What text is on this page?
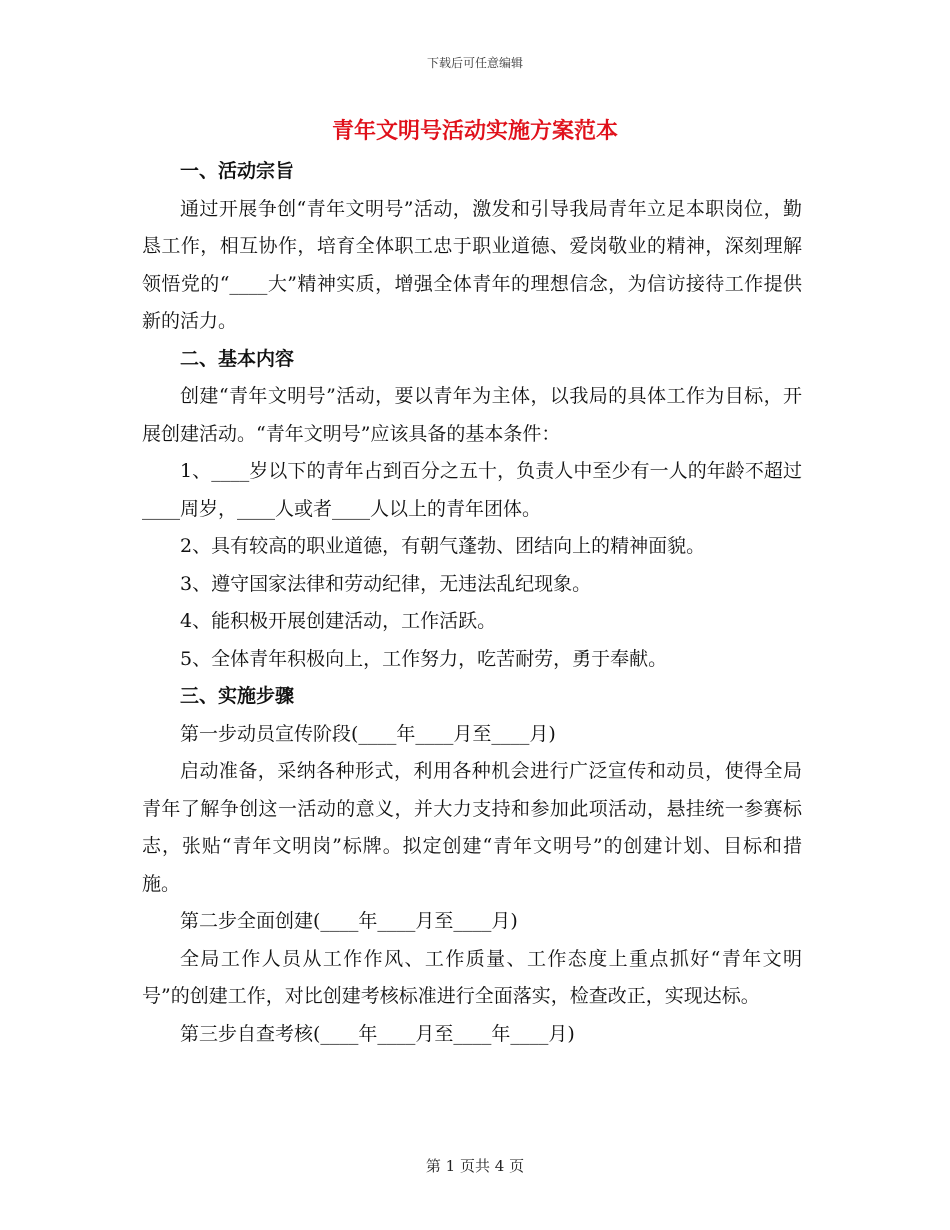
下载后可任意编辑
青年文明号活动实施方案范本
一、活动宗旨

通过开展争创“青年文明号”活动，激发和引导我局青年立足本职岗位，勤恳工作，相互协作，培育全体职工忠于职业道德、爱岗敬业的精神，深刻理解领悟党的“____大”精神实质，增强全体青年的理想信念，为信访接待工作提供新的活力。

二、基本内容

创建“青年文明号”活动，要以青年为主体，以我局的具体工作为目标，开展创建活动。“青年文明号”应该具备的基本条件：

1、____岁以下的青年占到百分之五十，负责人中至少有一人的年龄不超过____周岁，____人或者____人以上的青年团体。

2、具有较高的职业道德，有朝气蓬勃、团结向上的精神面貌。

3、遵守国家法律和劳动纪律，无违法乱纪现象。

4、能积极开展创建活动，工作活跃。

5、全体青年积极向上，工作努力，吃苦耐劳，勇于奉献。

三、实施步骤

第一步动员宣传阶段(____年____月至____月)

启动准备，采纳各种形式，利用各种机会进行广泛宣传和动员，使得全局青年了解争创这一活动的意义，并大力支持和参加此项活动，悬挂统一参赛标志，张贴“青年文明岗”标牌。拟定创建“青年文明号”的创建计划、目标和措施。

第二步全面创建(____年____月至____月)

全局工作人员从工作作风、工作质量、工作态度上重点抓好“青年文明号”的创建工作，对比创建考核标准进行全面落实，检查改正，实现达标。

第三步自查考核(____年____月至____年____月)

第 1 页共 4 页
